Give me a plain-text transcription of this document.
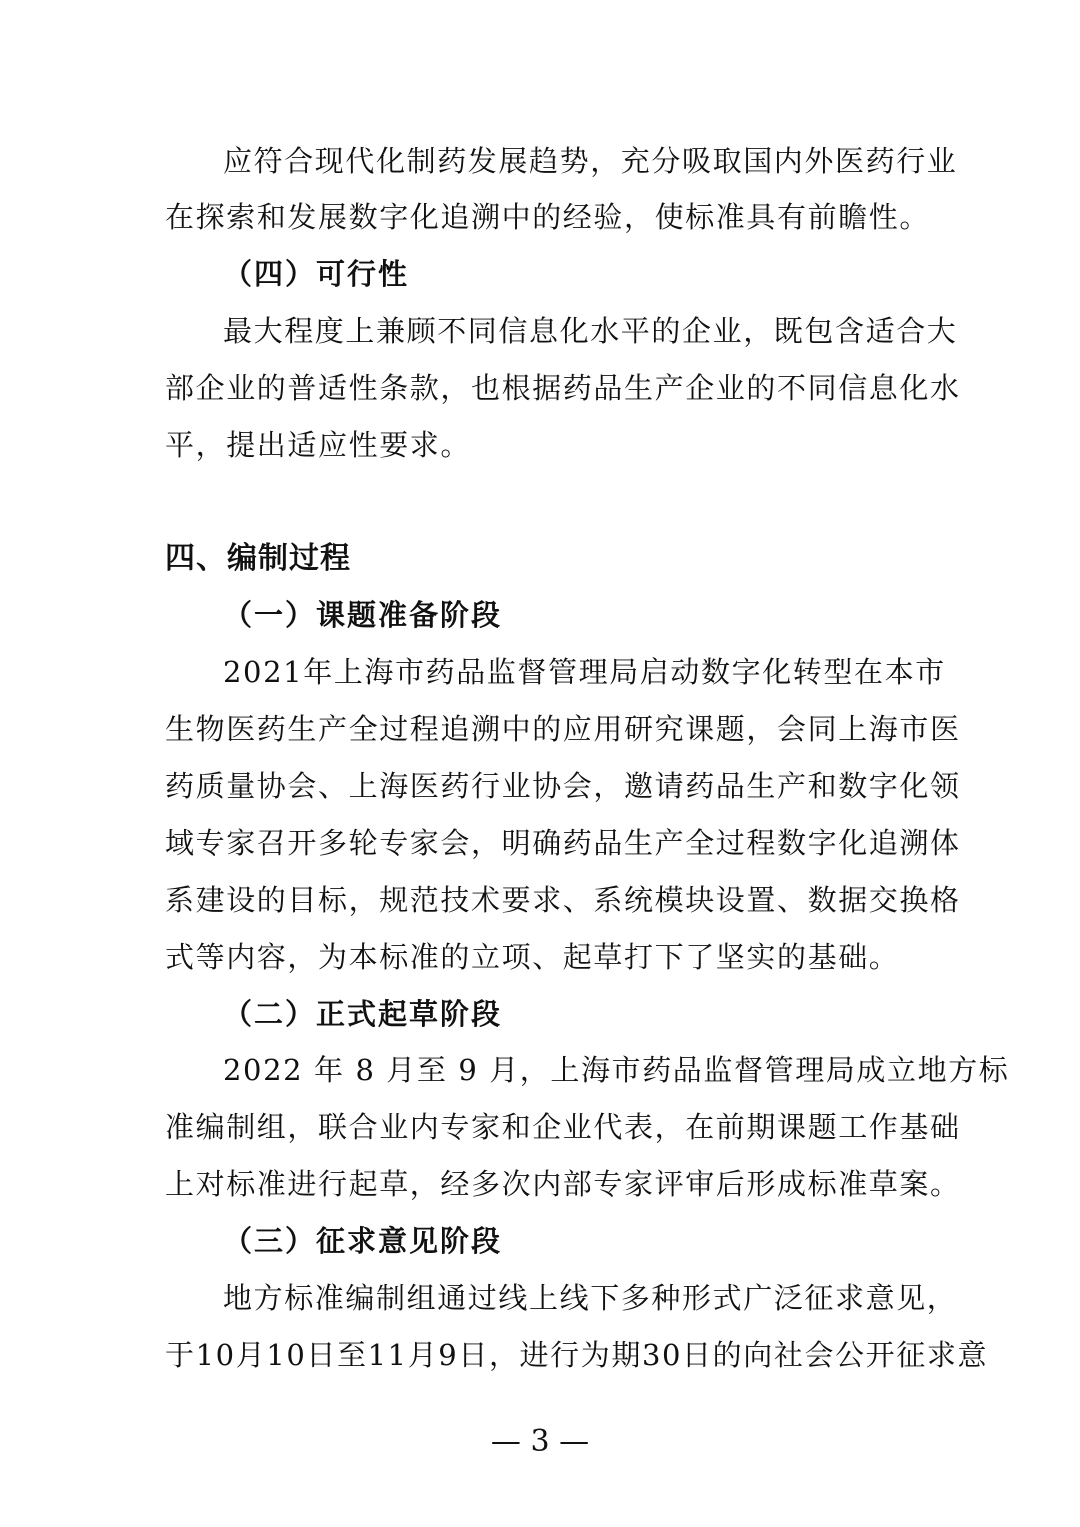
应符合现代化制药发展趋势，充分吸取国内外医药行业
在探索和发展数字化追溯中的经验，使标准具有前瞻性。
（四）可行性
最大程度上兼顾不同信息化水平的企业，既包含适合大
部企业的普适性条款，也根据药品生产企业的不同信息化水
平，提出适应性要求。
四、编制过程
（一）课题准备阶段
2021年上海市药品监督管理局启动数字化转型在本市
生物医药生产全过程追溯中的应用研究课题，会同上海市医
药质量协会、上海医药行业协会，邀请药品生产和数字化领
域专家召开多轮专家会，明确药品生产全过程数字化追溯体
系建设的目标，规范技术要求、系统模块设置、数据交换格
式等内容，为本标准的立项、起草打下了坚实的基础。
（二）正式起草阶段
2022 年 8 月至 9 月，上海市药品监督管理局成立地方标
准编制组，联合业内专家和企业代表，在前期课题工作基础
上对标准进行起草，经多次内部专家评审后形成标准草案。
（三）征求意见阶段
地方标准编制组通过线上线下多种形式广泛征求意见，
于10月10日至11月9日，进行为期30日的向社会公开征求意
— 3 —
